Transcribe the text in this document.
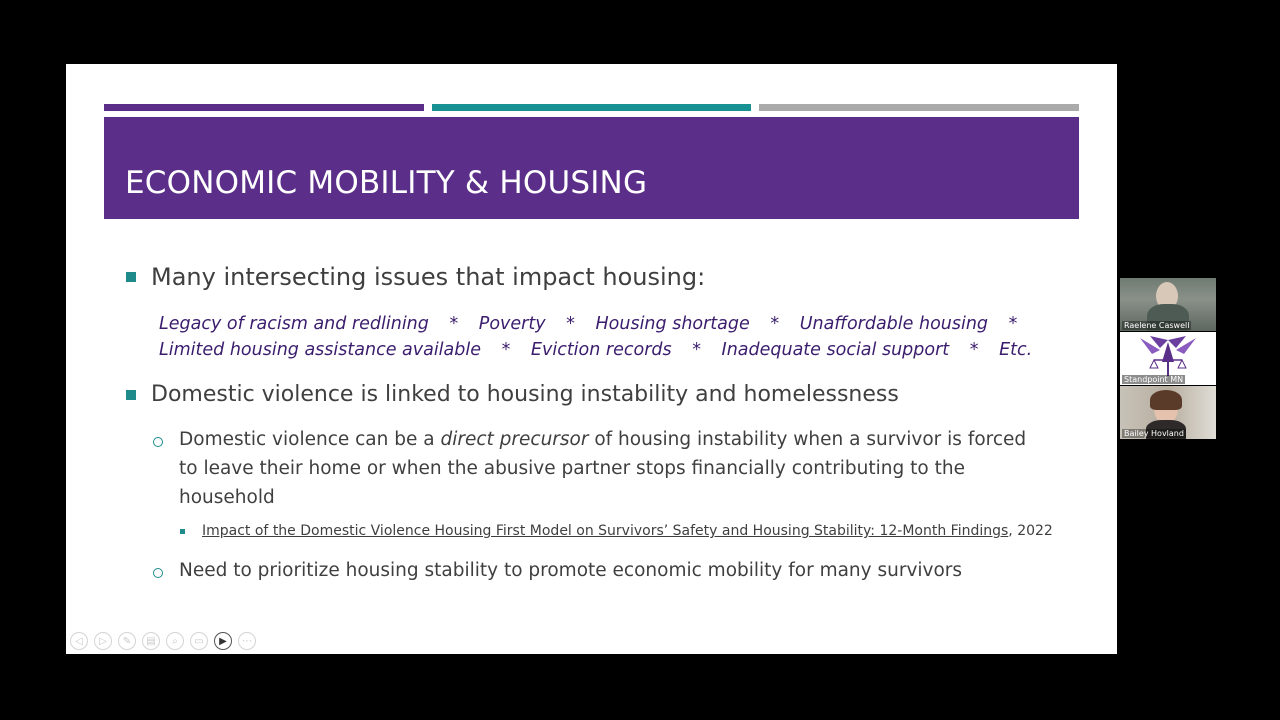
ECONOMIC MOBILITY & HOUSING
Many intersecting issues that impact housing:
Legacy of racism and redlining * Poverty * Housing shortage * Unaffordable housing *
Limited housing assistance available * Eviction records * Inadequate social support * Etc.
Domestic violence is linked to housing instability and homelessness
Domestic violence can be a direct precursor of housing instability when a survivor is forced
to leave their home or when the abusive partner stops financially contributing to the
household
Impact of the Domestic Violence Housing First Model on Survivors’ Safety and Housing Stability: 12-Month Findings , 2022
Need to prioritize housing stability to promote economic mobility for many survivors
◁	▷	✎	▤	⌕	▭	▶	⋯
Raelene Caswell
Standpoint MN
Bailey Hovland
